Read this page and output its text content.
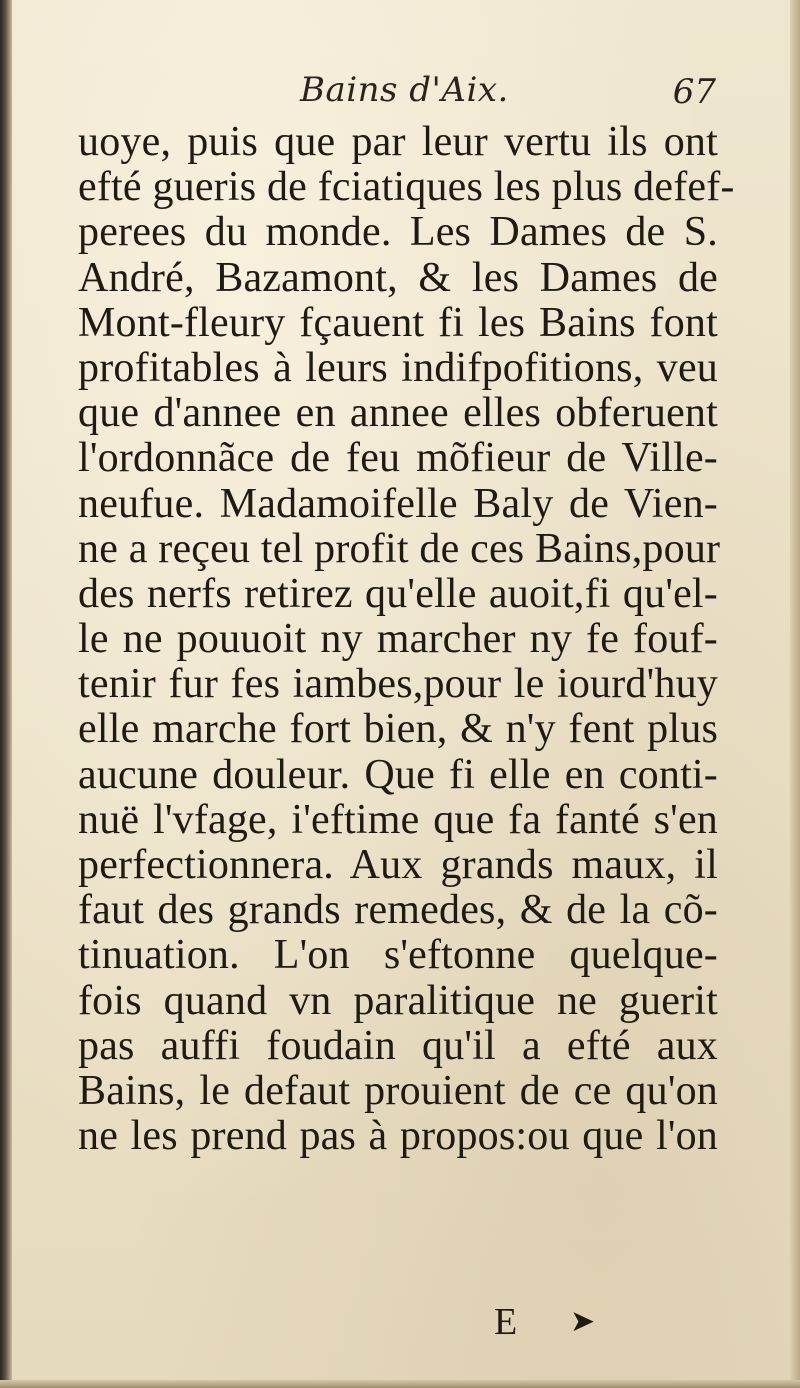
Bains d'Aix.	67
uoye, puis que par leur vertu ils ont
efté gueris de fciatiques les plus defef-
perees du monde. Les Dames de S.
André, Bazamont, & les Dames de
Mont-fleury fçauent fi les Bains font
profitables à leurs indifpofitions, veu
que d'annee en annee elles obferuent
l'ordonnãce de feu mõfieur de Ville-
neufue. Madamoifelle Baly de Vien-
ne a reçeu tel profit de ces Bains,pour
des nerfs retirez qu'elle auoit,fi qu'el-
le ne pouuoit ny marcher ny fe fouf-
tenir fur fes iambes,pour le iourd'huy
elle marche fort bien, & n'y fent plus
aucune douleur. Que fi elle en conti-
nuë l'vfage, i'eftime que fa fanté s'en
perfectionnera. Aux grands maux, il
faut des grands remedes, & de la cõ-
tinuation. L'on s'eftonne quelque-
fois quand vn paralitique ne guerit
pas auffi foudain qu'il a efté aux
Bains, le defaut prouient de ce qu'on
ne les prend pas à propos:ou que l'on
E ➤
